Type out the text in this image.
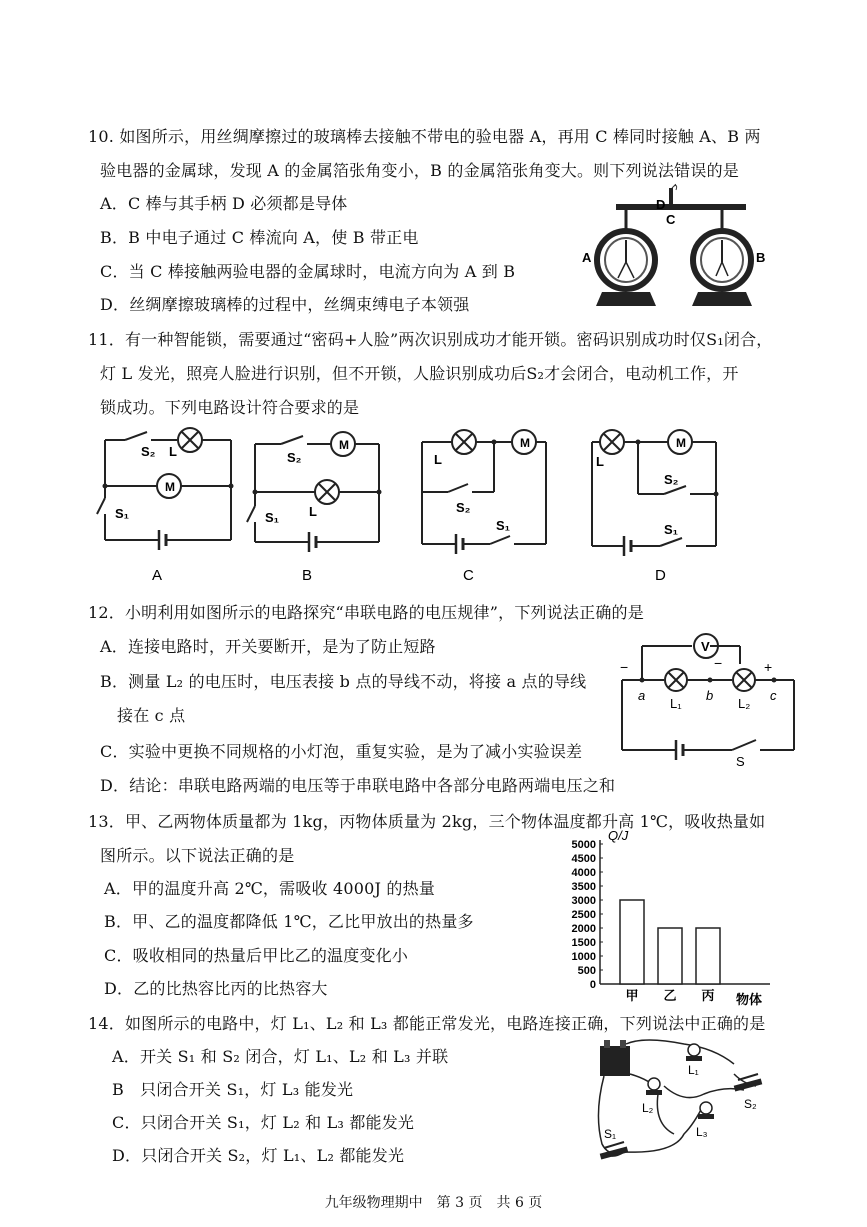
10. 如图所示，用丝绸摩擦过的玻璃棒去接触不带电的验电器 A，再用 C 棒同时接触 A、B 两
验电器的金属球，发现 A 的金属箔张角变小，B 的金属箔张角变大。则下列说法错误的是
A．C 棒与其手柄 D 必须都是导体
B．B 中电子通过 C 棒流向 A，使 B 带正电
C．当 C 棒接触两验电器的金属球时，电流方向为 A 到 B
D．丝绸摩擦玻璃棒的过程中，丝绸束缚电子本领强
D
C
A	B
11．有一种智能锁，需要通过“密码+人脸”两次识别成功才能开锁。密码识别成功时仅S₁闭合，
灯 L 发光，照亮人脸进行识别，但不开锁，人脸识别成功后S₂才会闭合，电动机工作，开
锁成功。下列电路设计符合要求的是
S₂ L
M
S₁
A
M
S₂
L
S₁
B
M
L
S₂
S₁
C
M
L
S₂
S₁
D
12．小明利用如图所示的电路探究“串联电路的电压规律”，下列说法正确的是
A．连接电路时，开关要断开，是为了防止短路
B．测量 L₂ 的电压时，电压表接 b 点的导线不动，将接 a 点的导线
接在 c 点
C．实验中更换不同规格的小灯泡，重复实验，是为了减小实验误差
D．结论：串联电路两端的电压等于串联电路中各部分电路两端电压之和
V
−	−	+
a	b	c
L₁	L₂
S
13．甲、乙两物体质量都为 1kg，丙物体质量为 2kg，三个物体温度都升高 1℃，吸收热量如
图所示。以下说法正确的是
A．甲的温度升高 2℃，需吸收 4000J 的热量
B．甲、乙的温度都降低 1℃，乙比甲放出的热量多
C．吸收相同的热量后甲比乙的温度变化小
D．乙的比热容比丙的比热容大
Q/J
物体
5000
4500
4000
3500
3000
2500
2000
1500
1000
500
0
甲 乙 丙
14．如图所示的电路中，灯 L₁、L₂ 和 L₃ 都能正常发光，电路连接正确，下列说法中正确的是
A．开关 S₁ 和 S₂ 闭合，灯 L₁、L₂ 和 L₃ 并联
B　只闭合开关 S₁，灯 L₃ 能发光
C．只闭合开关 S₁，灯 L₂ 和 L₃ 都能发光
D．只闭合开关 S₂，灯 L₁、L₂ 都能发光
L₁
L₂
L₃
S₂
S₁
九年级物理期中　第 3 页　共 6 页
